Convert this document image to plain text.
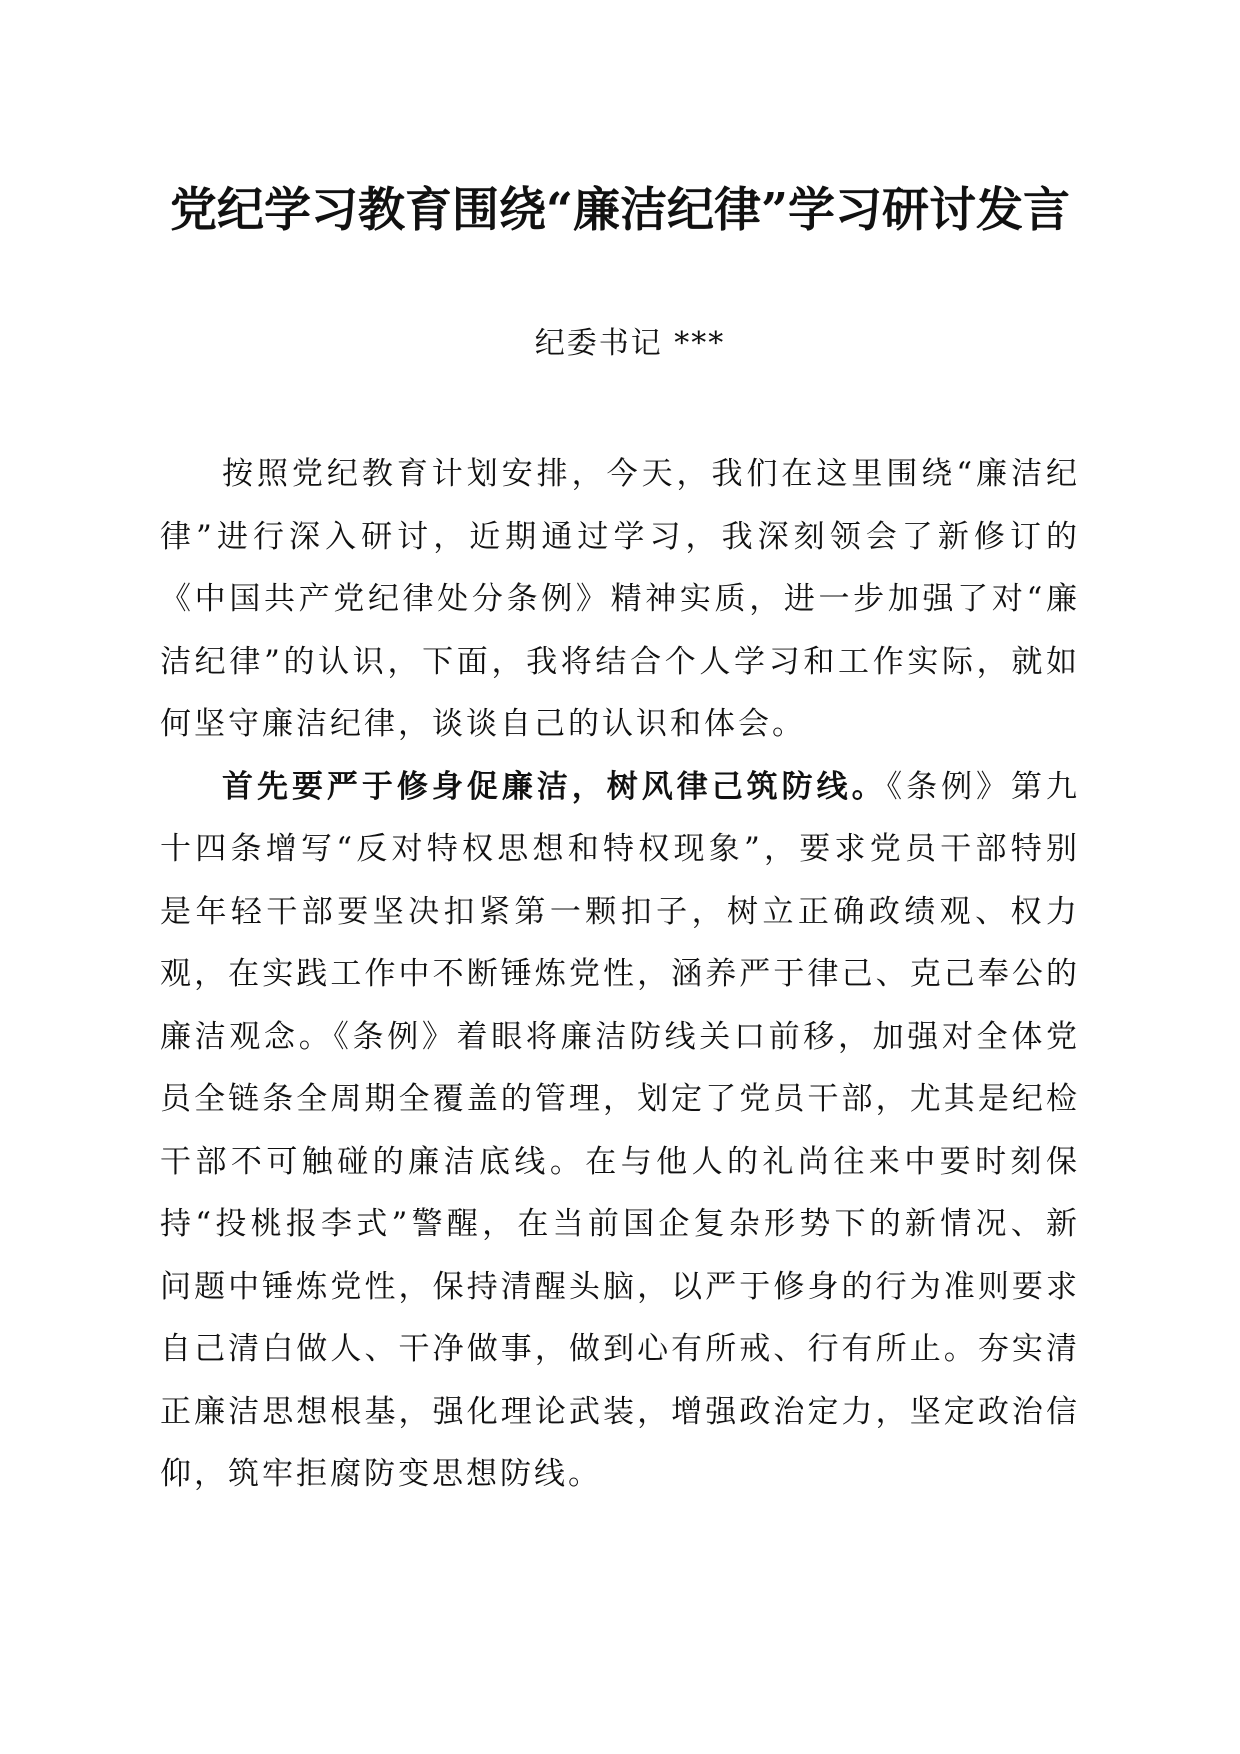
党纪学习教育围绕“廉洁纪律”学习研讨发言
纪委书记 ***

按照党纪教育计划安排，今天，我们在这里围绕“廉洁纪律”进行深入研讨，近期通过学习，我深刻领会了新修订的《中国共产党纪律处分条例》精神实质，进一步加强了对“廉洁纪律”的认识，下面，我将结合个人学习和工作实际，就如何坚守廉洁纪律，谈谈自己的认识和体会。

首先要严于修身促廉洁，树风律己筑防线。《条例》第九十四条增写“反对特权思想和特权现象”，要求党员干部特别是年轻干部要坚决扣紧第一颗扣子，树立正确政绩观、权力观，在实践工作中不断锤炼党性，涵养严于律己、克己奉公的廉洁观念。《条例》着眼将廉洁防线关口前移，加强对全体党员全链条全周期全覆盖的管理，划定了党员干部，尤其是纪检干部不可触碰的廉洁底线。在与他人的礼尚往来中要时刻保持“投桃报李式”警醒，在当前国企复杂形势下的新情况、新问题中锤炼党性，保持清醒头脑，以严于修身的行为准则要求自己清白做人、干净做事，做到心有所戒、行有所止。夯实清正廉洁思想根基，强化理论武装，增强政治定力，坚定政治信仰，筑牢拒腐防变思想防线。
